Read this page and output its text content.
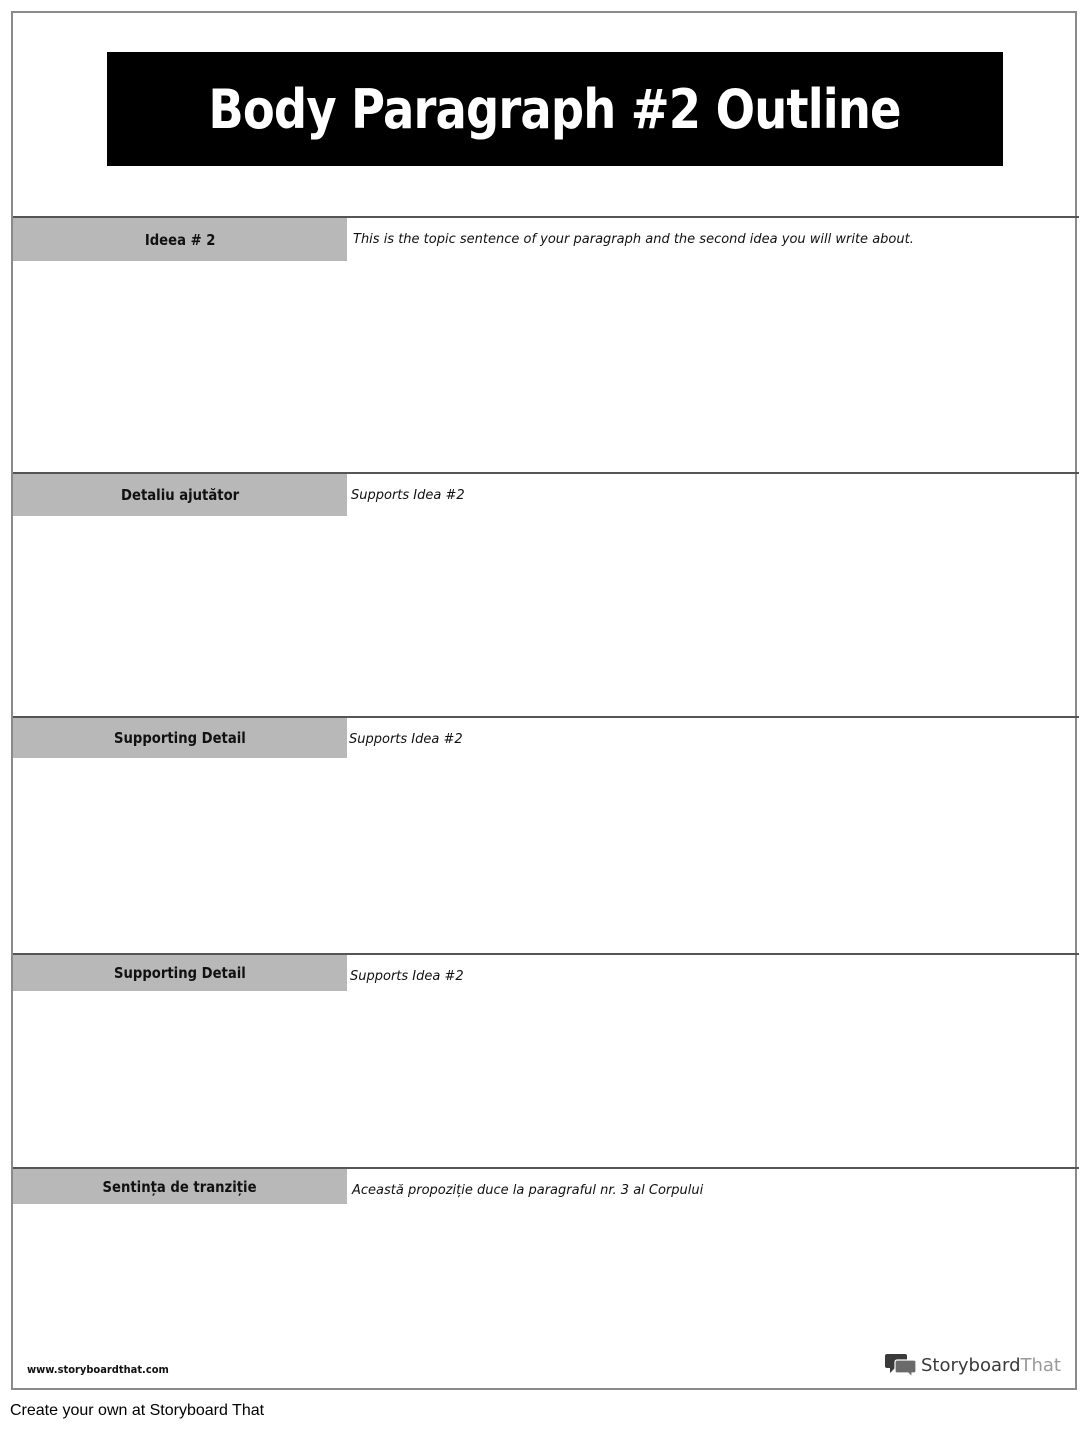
Body Paragraph #2 Outline
Ideea # 2	This is the topic sentence of your paragraph and the second idea you will write about.
Detaliu ajutător	Supports Idea #2
Supporting Detail	Supports Idea #2
Supporting Detail	Supports Idea #2
Sentința de tranziție	Această propoziție duce la paragraful nr. 3 al Corpului
www.storyboardthat.com	StoryboardThat
Create your own at Storyboard That
